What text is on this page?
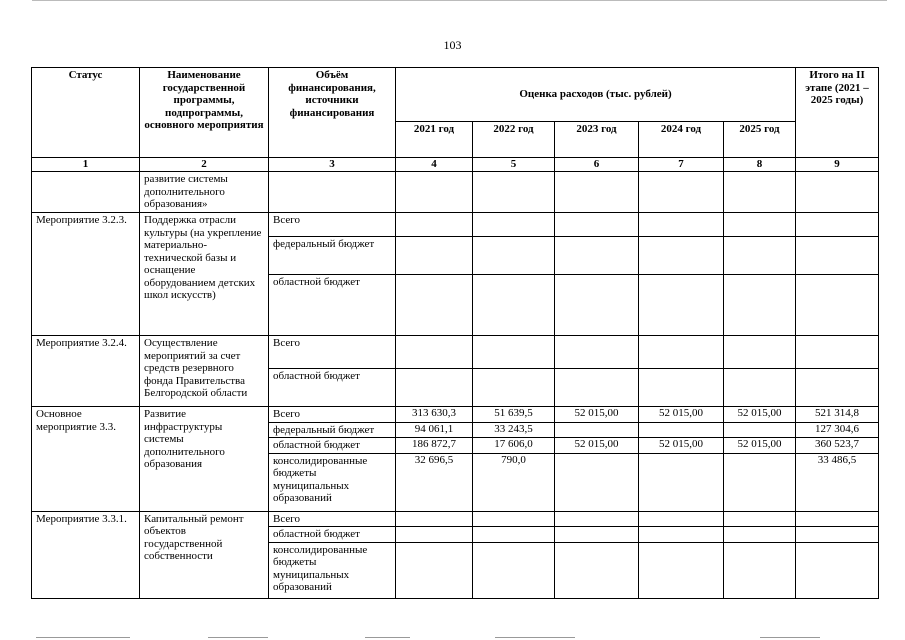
103
Статус	Наименование государственной программы, подпрограммы, основного мероприятия	Объём финансирования, источники финансирования	Оценка расходов (тыс. рублей)					Итого на II этапе (2021 – 2025 годы)
			2021 год	2022 год	2023 год	2024 год	2025 год	
1	2	3	4	5	6	7	8	9
	развитие системы дополнительного образования»							
Мероприятие 3.2.3.	Поддержка отрасли культуры (на укрепление материально-технической базы и оснащение оборудованием детских школ искусств)	Всего						
		федеральный бюджет						
		областной бюджет						
Мероприятие 3.2.4.	Осуществление мероприятий за счет средств резервного фонда Правительства Белгородской области	Всего						
		областной бюджет						
Основное мероприятие 3.3.	Развитие инфраструктуры системы дополнительного образования	Всего	313 630,3	51 639,5	52 015,00	52 015,00	52 015,00	521 314,8
		федеральный бюджет	94 061,1	33 243,5				127 304,6
		областной бюджет	186 872,7	17 606,0	52 015,00	52 015,00	52 015,00	360 523,7
		консолидированные бюджеты муниципальных образований	32 696,5	790,0				33 486,5
Мероприятие 3.3.1.	Капитальный ремонт объектов государственной собственности	Всего						
		областной бюджет						
		консолидированные бюджеты муниципальных образований						
